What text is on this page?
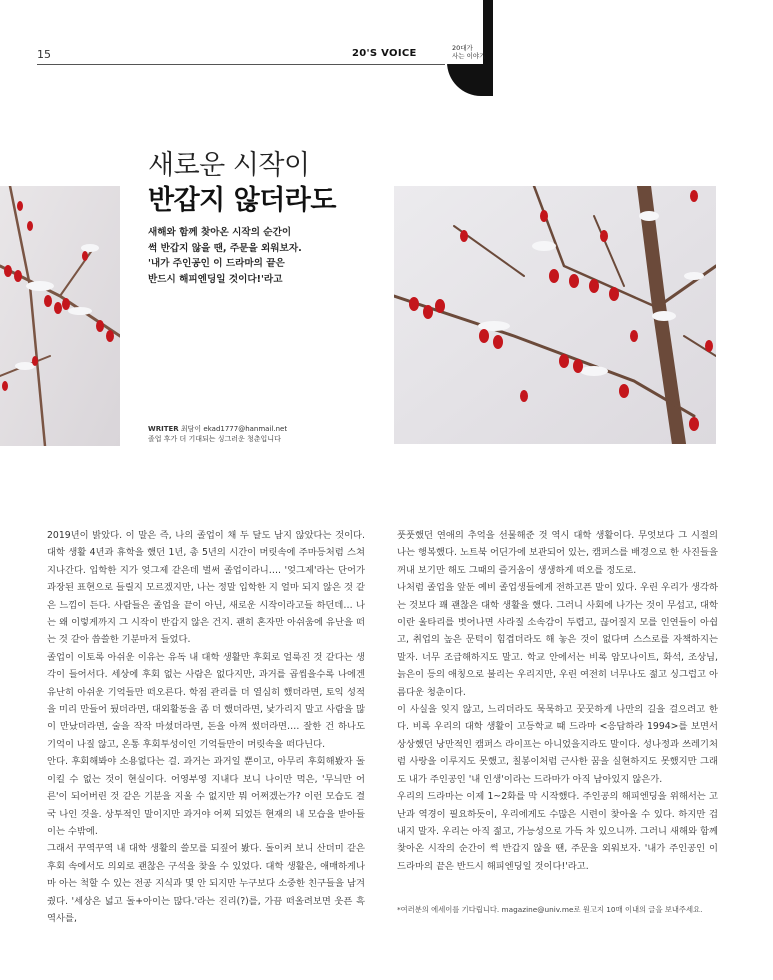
15	20'S VOICE	20대가
사는 이야기
새로운 시작이
반갑지 않더라도
새해와 함께 찾아온 시작의 순간이
썩 반갑지 않을 땐, 주문을 외워보자.
'내가 주인공인 이 드라마의 끝은
반드시 해피엔딩일 것이다!'라고
WRITER 최담이 ekad1777@hanmail.net
졸업 후가 더 기대되는 싱그러운 청춘입니다

2019년이 밝았다. 이 말은 즉, 나의 졸업이 채 두 달도 남지 않았다는 것이다. 대학 생활 4년과 휴학을 했던 1년, 총 5년의 시간이 머릿속에 주마등처럼 스쳐 지나간다. 입학한 지가 엊그제 같은데 벌써 졸업이라니…. '엊그제'라는 단어가 과장된 표현으로 들릴지 모르겠지만, 나는 정말 입학한 지 얼마 되지 않은 것 같은 느낌이 든다. 사람들은 졸업을 끝이 아닌, 새로운 시작이라고들 하던데… 나는 왜 이렇게까지 그 시작이 반갑지 않은 건지. 괜히 혼자만 아쉬움에 유난을 떠는 것 같아 씁쓸한 기분마저 들었다.

졸업이 이토록 아쉬운 이유는 유독 내 대학 생활만 후회로 얼룩진 것 같다는 생각이 들어서다. 세상에 후회 없는 사람은 없다지만, 과거를 곱씹을수록 나에겐 유난히 아쉬운 기억들만 떠오른다. 학점 관리를 더 열심히 했더라면, 토익 성적을 미리 만들어 뒀더라면, 대외활동을 좀 더 했더라면, 낯가리지 말고 사람을 많이 만났더라면, 술을 작작 마셨더라면, 돈을 아껴 썼더라면…. 잘한 건 하나도 기억이 나질 않고, 온통 후회투성이인 기억들만이 머릿속을 떠다닌다.

안다. 후회해봐야 소용없다는 걸. 과거는 과거일 뿐이고, 아무리 후회해봤자 돌이킬 수 없는 것이 현실이다. 어영부영 지내다 보니 나이만 먹은, '무늬만 어른'이 되어버린 것 같은 기분을 지울 수 없지만 뭐 어쩌겠는가? 이런 모습도 결국 나인 것을. 상투적인 말이지만 과거야 어찌 되었든 현재의 내 모습을 받아들이는 수밖에.

그래서 꾸역꾸역 내 대학 생활의 쓸모를 되짚어 봤다. 돌이켜 보니 산더미 같은 후회 속에서도 의외로 괜찮은 구석을 찾을 수 있었다. 대학 생활은, 애매하게나마 아는 척할 수 있는 전공 지식과 몇 안 되지만 누구보다 소중한 친구들을 남겨줬다. '세상은 넓고 돌+아이는 많다.'라는 진리(?)를, 가끔 떠올려보면 웃픈 흑역사를,

풋풋했던 연애의 추억을 선물해준 것 역시 대학 생활이다. 무엇보다 그 시절의 나는 행복했다. 노트북 어딘가에 보관되어 있는, 캠퍼스를 배경으로 한 사진들을 꺼내 보기만 해도 그때의 즐거움이 생생하게 떠오를 정도로.

나처럼 졸업을 앞둔 예비 졸업생들에게 전하고픈 말이 있다. 우린 우리가 생각하는 것보다 꽤 괜찮은 대학 생활을 했다. 그러니 사회에 나가는 것이 무섭고, 대학이란 울타리를 벗어나면 사라질 소속감이 두렵고, 끊어질지 모를 인연들이 아쉽고, 취업의 높은 문턱이 힘겹더라도 해 놓은 것이 없다며 스스로를 자책하지는 말자. 너무 조급해하지도 말고. 학교 안에서는 비록 암모나이트, 화석, 조상님, 늙은이 등의 애칭으로 불리는 우리지만, 우린 여전히 너무나도 젊고 싱그럽고 아름다운 청춘이다.

이 사실을 잊지 않고, 느리더라도 묵묵하고 꿋꿋하게 나만의 길을 걸으려고 한다. 비록 우리의 대학 생활이 고등학교 때 드라마 <응답하라 1994>를 보면서 상상했던 낭만적인 캠퍼스 라이프는 아니었을지라도 말이다. 성나정과 쓰레기처럼 사랑을 이루지도 못했고, 칠봉이처럼 근사한 꿈을 실현하지도 못했지만 그래도 내가 주인공인 '내 인생'이라는 드라마가 아직 남아있지 않은가.

우리의 드라마는 이제 1~2화를 막 시작했다. 주인공의 해피엔딩을 위해서는 고난과 역경이 필요하듯이, 우리에게도 수많은 시련이 찾아올 수 있다. 하지만 겁내지 말자. 우리는 아직 젊고, 가능성으로 가득 차 있으니까. 그러니 새해와 함께 찾아온 시작의 순간이 썩 반갑지 않을 땐, 주문을 외워보자. '내가 주인공인 이 드라마의 끝은 반드시 해피엔딩일 것이다!'라고.

*여러분의 에세이를 기다립니다. magazine@univ.me로 원고지 10매 이내의 글을 보내주세요.
